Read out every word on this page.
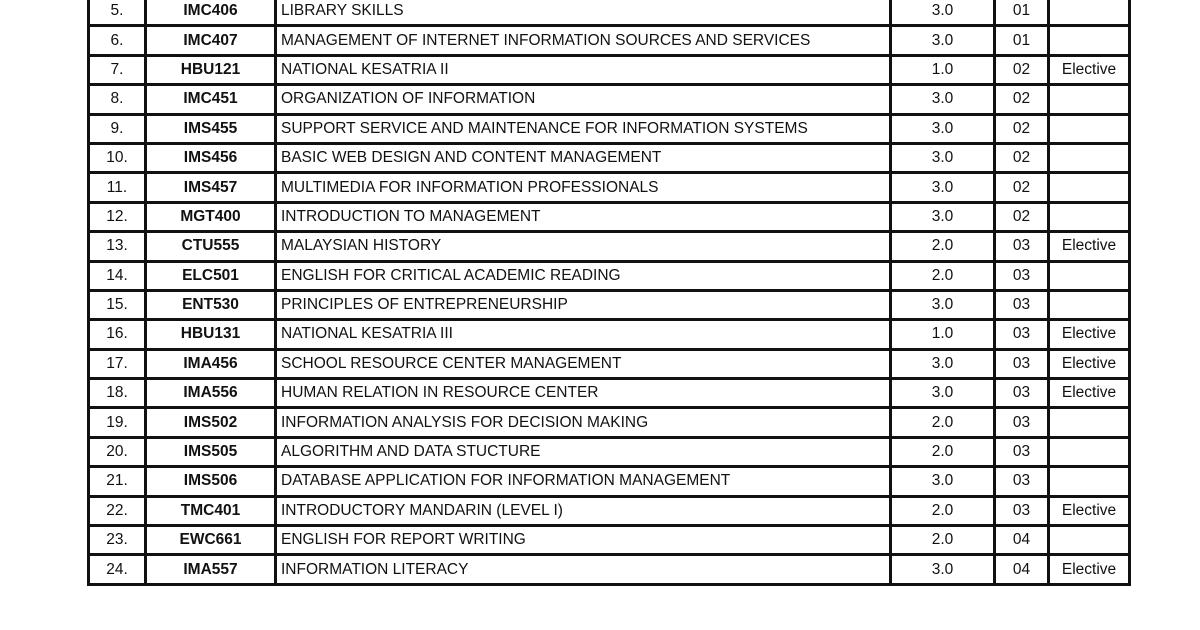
5.	IMC406	LIBRARY SKILLS	3.0	01	
6.	IMC407	MANAGEMENT OF INTERNET INFORMATION SOURCES AND SERVICES	3.0	01	
7.	HBU121	NATIONAL KESATRIA II	1.0	02	Elective
8.	IMC451	ORGANIZATION OF INFORMATION	3.0	02	
9.	IMS455	SUPPORT SERVICE AND MAINTENANCE FOR INFORMATION SYSTEMS	3.0	02	
10.	IMS456	BASIC WEB DESIGN AND CONTENT MANAGEMENT	3.0	02	
11.	IMS457	MULTIMEDIA FOR INFORMATION PROFESSIONALS	3.0	02	
12.	MGT400	INTRODUCTION TO MANAGEMENT	3.0	02	
13.	CTU555	MALAYSIAN HISTORY	2.0	03	Elective
14.	ELC501	ENGLISH FOR CRITICAL ACADEMIC READING	2.0	03	
15.	ENT530	PRINCIPLES OF ENTREPRENEURSHIP	3.0	03	
16.	HBU131	NATIONAL KESATRIA III	1.0	03	Elective
17.	IMA456	SCHOOL RESOURCE CENTER MANAGEMENT	3.0	03	Elective
18.	IMA556	HUMAN RELATION IN RESOURCE CENTER	3.0	03	Elective
19.	IMS502	INFORMATION ANALYSIS FOR DECISION MAKING	2.0	03	
20.	IMS505	ALGORITHM AND DATA STUCTURE	2.0	03	
21.	IMS506	DATABASE APPLICATION FOR INFORMATION MANAGEMENT	3.0	03	
22.	TMC401	INTRODUCTORY MANDARIN (LEVEL I)	2.0	03	Elective
23.	EWC661	ENGLISH FOR REPORT WRITING	2.0	04	
24.	IMA557	INFORMATION LITERACY	3.0	04	Elective
